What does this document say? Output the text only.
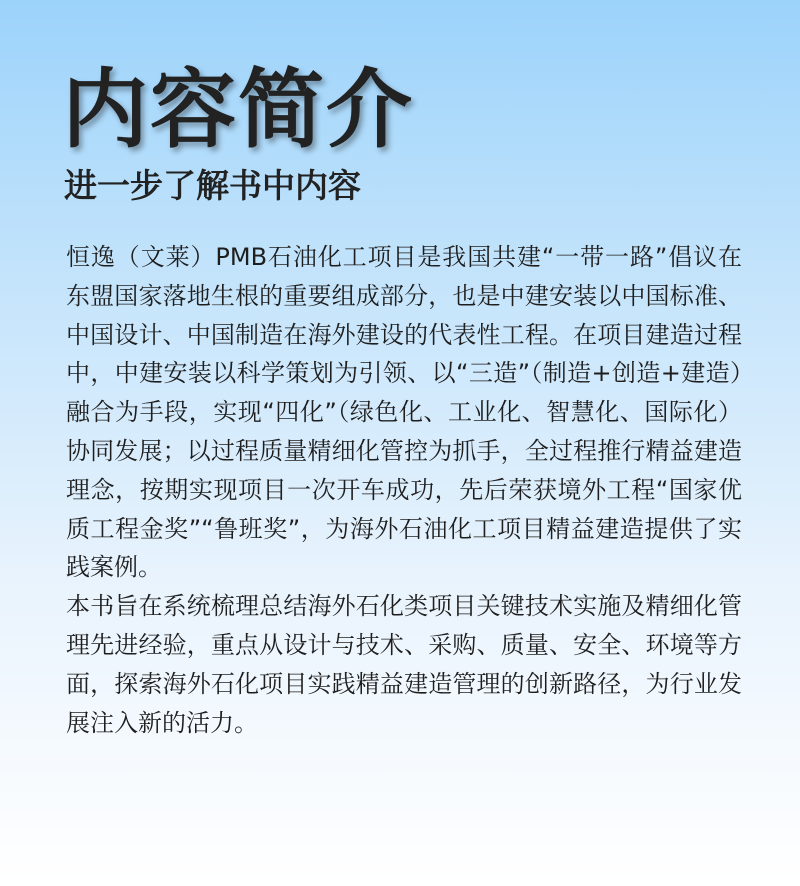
内容简介
进一步了解书中内容

恒逸（文莱）PMB石油化工项目是我国共建“一带一路”倡议在东盟国家落地生根的重要组成部分，也是中建安装以中国标准、中国设计、中国制造在海外建设的代表性工程。在项目建造过程中，中建安装以科学策划为引领、以“三造”（制造+创造+建造）融合为手段，实现“四化”（绿色化、工业化、智慧化、国际化）协同发展；以过程质量精细化管控为抓手，全过程推行精益建造理念，按期实现项目一次开车成功，先后荣获境外工程“国家优质工程金奖”“鲁班奖”，为海外石油化工项目精益建造提供了实践案例。

本书旨在系统梳理总结海外石化类项目关键技术实施及精细化管理先进经验，重点从设计与技术、采购、质量、安全、环境等方面，探索海外石化项目实践精益建造管理的创新路径，为行业发展注入新的活力。
